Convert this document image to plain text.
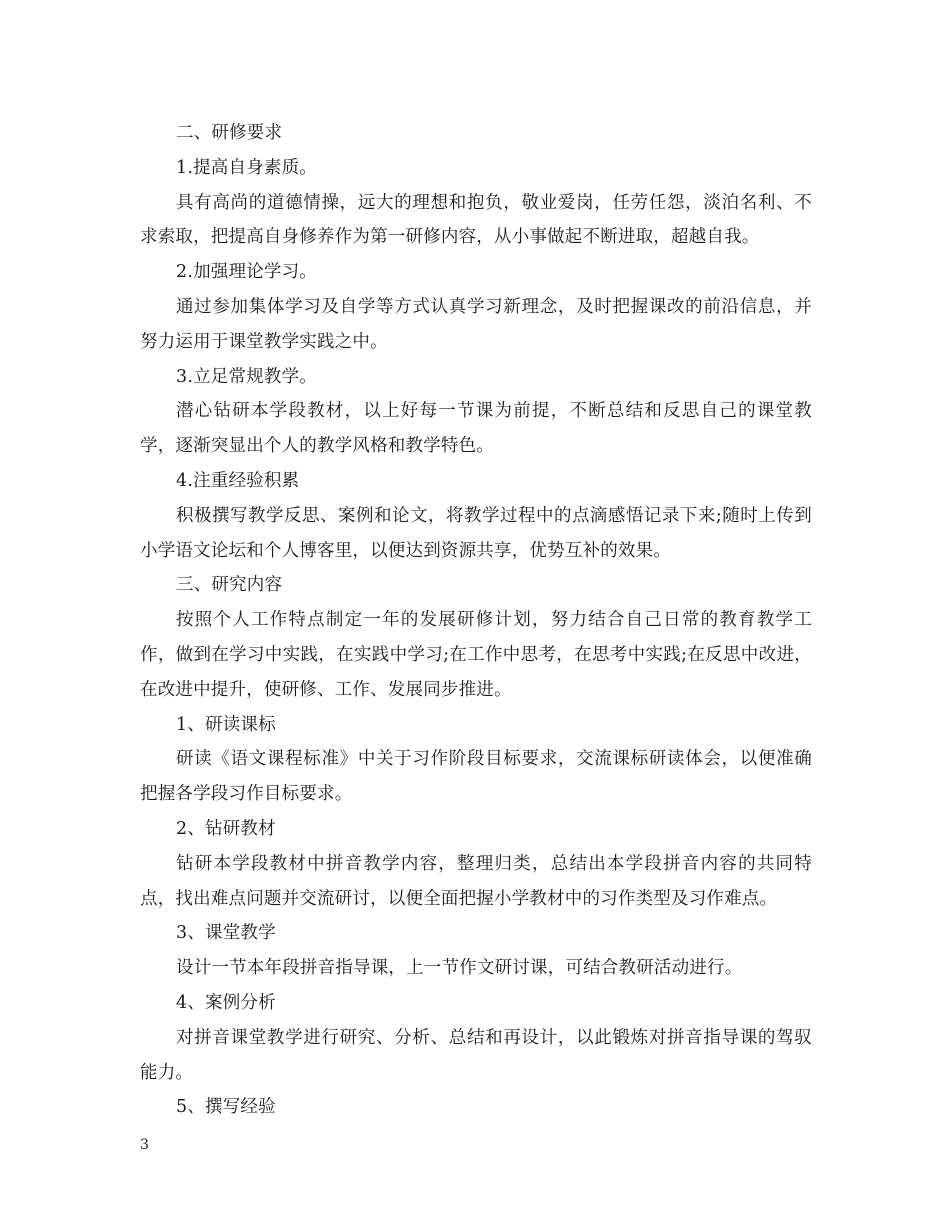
二、研修要求

1.提高自身素质。

具有高尚的道德情操，远大的理想和抱负，敬业爱岗，任劳任怨，淡泊名利、不求索取，把提高自身修养作为第一研修内容，从小事做起不断进取，超越自我。

2.加强理论学习。

通过参加集体学习及自学等方式认真学习新理念，及时把握课改的前沿信息，并努力运用于课堂教学实践之中。

3.立足常规教学。

潜心钻研本学段教材，以上好每一节课为前提，不断总结和反思自己的课堂教学，逐渐突显出个人的教学风格和教学特色。

4.注重经验积累

积极撰写教学反思、案例和论文，将教学过程中的点滴感悟记录下来;随时上传到小学语文论坛和个人博客里，以便达到资源共享，优势互补的效果。

三、研究内容

按照个人工作特点制定一年的发展研修计划，努力结合自己日常的教育教学工作，做到在学习中实践，在实践中学习;在工作中思考，在思考中实践;在反思中改进，在改进中提升，使研修、工作、发展同步推进。

1、研读课标

研读《语文课程标准》中关于习作阶段目标要求，交流课标研读体会，以便准确把握各学段习作目标要求。

2、钻研教材

钻研本学段教材中拼音教学内容，整理归类，总结出本学段拼音内容的共同特点，找出难点问题并交流研讨，以便全面把握小学教材中的习作类型及习作难点。

3、课堂教学

设计一节本年段拼音指导课，上一节作文研讨课，可结合教研活动进行。

4、案例分析

对拼音课堂教学进行研究、分析、总结和再设计，以此锻炼对拼音指导课的驾驭能力。

5、撰写经验

3
